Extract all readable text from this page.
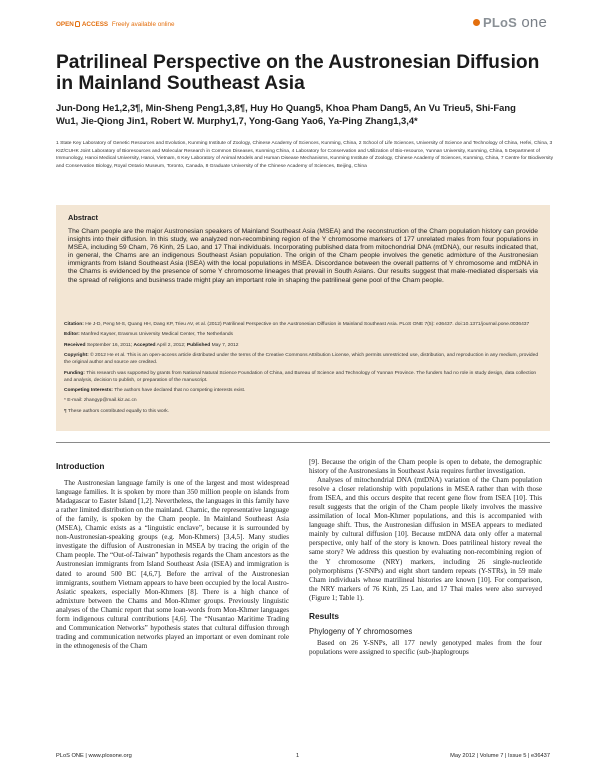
OPEN ACCESS Freely available online	PLoS one
Patrilineal Perspective on the Austronesian Diffusion in Mainland Southeast Asia
Jun-Dong He1,2,3¶, Min-Sheng Peng1,3,8¶, Huy Ho Quang5, Khoa Pham Dang5, An Vu Trieu5, Shi-Fang Wu1, Jie-Qiong Jin1, Robert W. Murphy1,7, Yong-Gang Yao6, Ya-Ping Zhang1,3,4*
1 State Key Laboratory of Genetic Resources and Evolution, Kunming Institute of Zoology, Chinese Academy of Sciences, Kunming, China, 2 School of Life Sciences, University of Science and Technology of China, Hefei, China, 3 KIZ/CUHK Joint Laboratory of Bioresources and Molecular Research in Common Diseases, Kunming China, 4 Laboratory for Conservation and Utilization of Bio-resource, Yunnan University, Kunming, China, 5 Department of Immunology, Hanoi Medical University, Hanoi, Vietnam, 6 Key Laboratory of Animal Models and Human Disease Mechanisms, Kunming Institute of Zoology, Chinese Academy of Sciences, Kunming, China, 7 Centre for Biodiversity and Conservation Biology, Royal Ontario Museum, Toronto, Canada, 8 Graduate University of the Chinese Academy of Sciences, Beijing, China
Abstract
The Cham people are the major Austronesian speakers of Mainland Southeast Asia (MSEA) and the reconstruction of the Cham population history can provide insights into their diffusion. In this study, we analyzed non-recombining region of the Y chromosome markers of 177 unrelated males from four populations in MSEA, including 59 Cham, 76 Kinh, 25 Lao, and 17 Thai individuals. Incorporating published data from mitochondrial DNA (mtDNA), our results indicated that, in general, the Chams are an indigenous Southeast Asian population. The origin of the Cham people involves the genetic admixture of the Austronesian immigrants from Island Southeast Asia (ISEA) with the local populations in MSEA. Discordance between the overall patterns of Y chromosome and mtDNA in the Chams is evidenced by the presence of some Y chromosome lineages that prevail in South Asians. Our results suggest that male-mediated dispersals via the spread of religions and business trade might play an important role in shaping the patrilineal gene pool of the Cham people.

Citation: He J-D, Peng M-S, Quang HH, Dang KP, Trieu AV, et al. (2012) Patrilineal Perspective on the Austronesian Diffusion in Mainland Southeast Asia. PLoS ONE 7(5): e36437. doi:10.1371/journal.pone.0036437

Editor: Manfred Kayser, Erasmus University Medical Center, The Netherlands

Received September 16, 2011; Accepted April 2, 2012; Published May 7, 2012

Copyright: © 2012 He et al. This is an open-access article distributed under the terms of the Creative Commons Attribution License, which permits unrestricted use, distribution, and reproduction in any medium, provided the original author and source are credited.

Funding: This research was supported by grants from National Natural Science Foundation of China, and Bureau of Science and Technology of Yunnan Province. The funders had no role in study design, data collection and analysis, decision to publish, or preparation of the manuscript.

Competing Interests: The authors have declared that no competing interests exist.

* E-mail: zhangyp@mail.kiz.ac.cn

¶ These authors contributed equally to this work.

Introduction

The Austronesian language family is one of the largest and most widespread language families. It is spoken by more than 350 million people on islands from Madagascar to Easter Island [1,2]. Nevertheless, the languages in this family have a rather limited distribution on the mainland. Chamic, the representative language of the family, is spoken by the Cham people. In Mainland Southeast Asia (MSEA), Chamic exists as a “linguistic enclave”, because it is surrounded by non-Austronesian-speaking groups (e.g. Mon-Khmers) [3,4,5]. Many studies investigate the diffusion of Austronesian in MSEA by tracing the origin of the Cham people. The “Out-of-Taiwan” hypothesis regards the Cham ancestors as the Austronesian immigrants from Island Southeast Asia (ISEA) and immigration is dated to around 500 BC [4,6,7]. Before the arrival of the Austronesian immigrants, southern Vietnam appears to have been occupied by the local Austro-Asiatic speakers, especially Mon-Khmers [8]. There is a high chance of admixture between the Chams and Mon-Khmer groups. Previously linguistic analyses of the Chamic report that some loan-words from Mon-Khmer languages form indigenous cultural contributions [4,6]. The “Nusantao Maritime Trading and Communication Networks” hypothesis states that cultural diffusion through trading and communication networks played an important or even dominant role in the ethnogenesis of the Cham

[9]. Because the origin of the Cham people is open to debate, the demographic history of the Austronesians in Southeast Asia requires further investigation.

Analyses of mitochondrial DNA (mtDNA) variation of the Cham population resolve a closer relationship with populations in MSEA rather than with those from ISEA, and this occurs despite that recent gene flow from ISEA [10]. This result suggests that the origin of the Cham people likely involves the massive assimilation of local Mon-Khmer populations, and this is accompanied with language shift. Thus, the Austronesian diffusion in MSEA appears to mediated mainly by cultural diffusion [10]. Because mtDNA data only offer a maternal perspective, only half of the story is known. Does patrilineal history reveal the same story? We address this question by evaluating non-recombining region of the Y chromosome (NRY) markers, including 26 single-nucleotide polymorphisms (Y-SNPs) and eight short tandem repeats (Y-STRs), in 59 male Cham individuals whose matrilineal histories are known [10]. For comparison, the NRY markers of 76 Kinh, 25 Lao, and 17 Thai males were also surveyed (Figure 1; Table 1).

Results
Phylogeny of Y chromosomes

Based on 26 Y-SNPs, all 177 newly genotyped males from the four populations were assigned to specific (sub-)haplogroups

PLoS ONE | www.plosone.org	1	May 2012 | Volume 7 | Issue 5 | e36437
